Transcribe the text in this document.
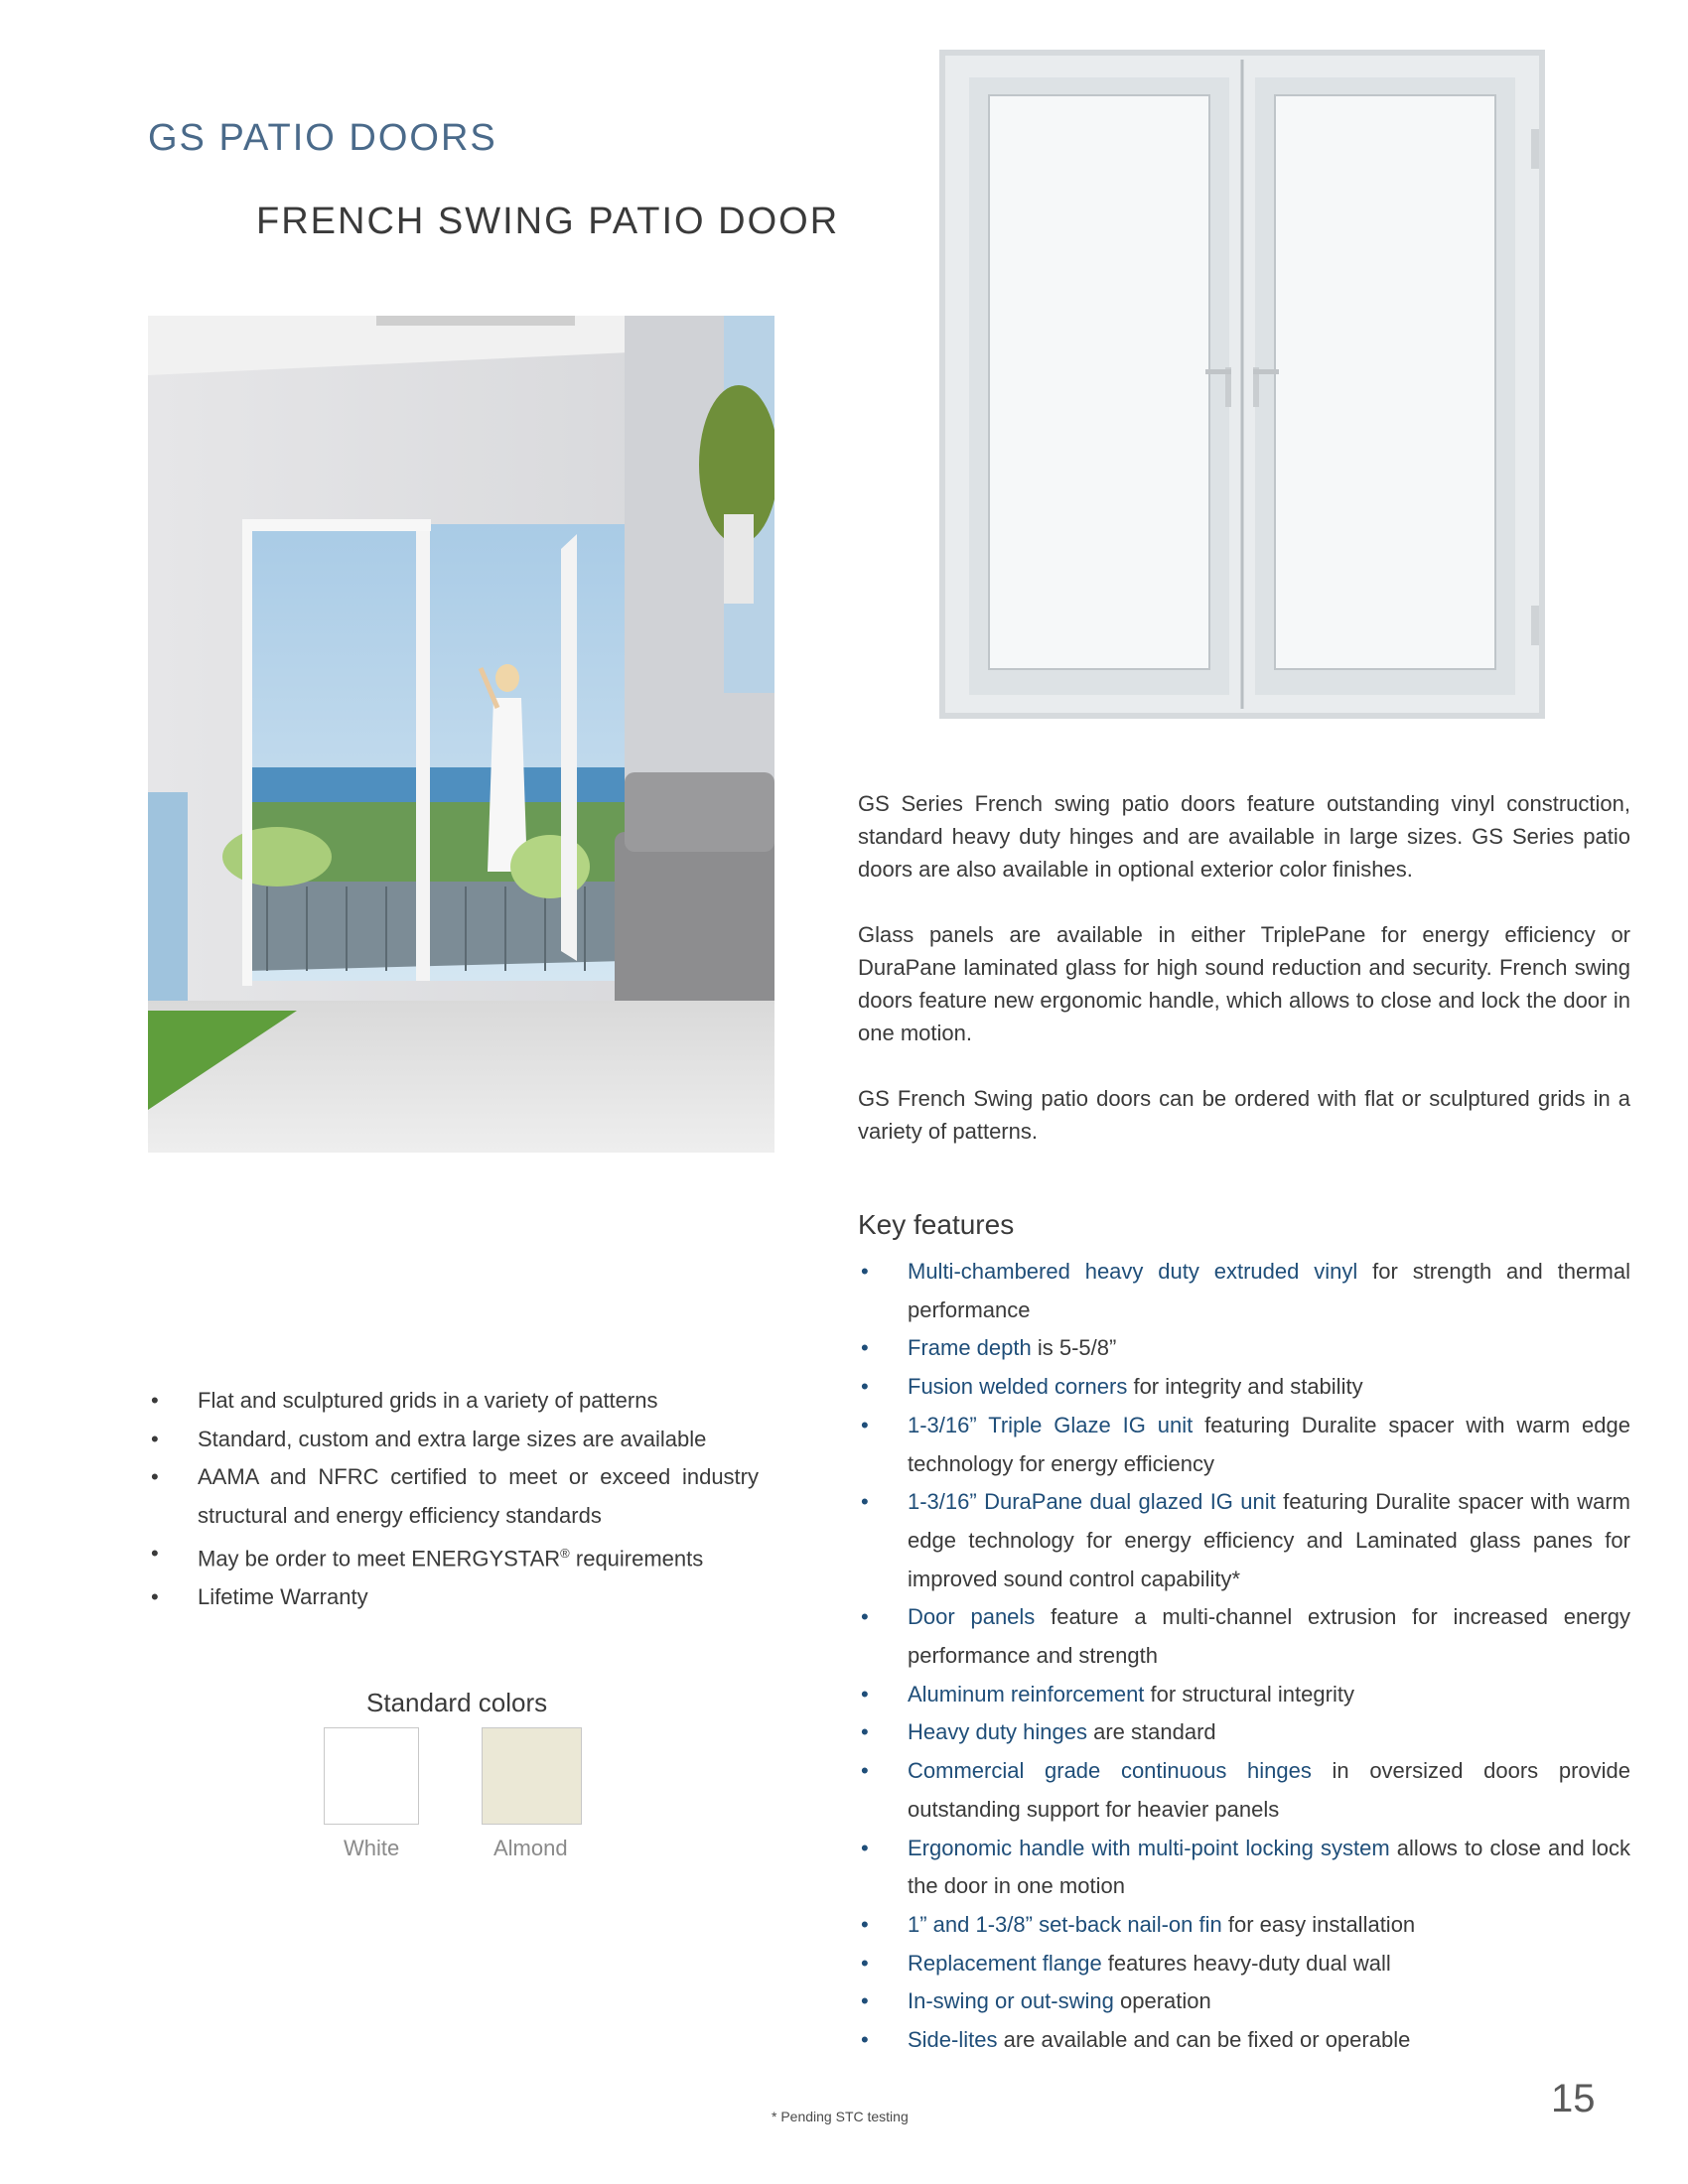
GS PATIO DOORS
FRENCH SWING PATIO DOOR

GS Series French swing patio doors feature outstanding vinyl construction, standard heavy duty hinges and are available in large sizes. GS Series patio doors are also available in optional exterior color finishes.

Glass panels are available in either TriplePane for energy efficiency or DuraPane laminated glass for high sound reduction and security. French swing doors feature new ergonomic handle, which allows to close and lock the door in one motion.

GS French Swing patio doors can be ordered with flat or sculptured grids in a variety of patterns.

Key features
• Multi-chambered heavy duty extruded vinyl for strength and thermal performance
• Frame depth is 5-5/8”
• Fusion welded corners for integrity and stability
• 1-3/16” Triple Glaze IG unit featuring Duralite spacer with warm edge technology for energy efficiency
• 1-3/16” DuraPane dual glazed IG unit featuring Duralite spacer with warm edge technology for energy efficiency and Laminated glass panes for improved sound control capability*
• Door panels feature a multi-channel extrusion for increased energy performance and strength
• Aluminum reinforcement for structural integrity
• Heavy duty hinges are standard
• Commercial grade continuous hinges in oversized doors provide outstanding support for heavier panels
• Ergonomic handle with multi-point locking system allows to close and lock the door in one motion
• 1” and 1-3/8” set-back nail-on fin for easy installation
• Replacement flange features heavy-duty dual wall
• In-swing or out-swing operation
• Side-lites are available and can be fixed or operable
• Flat and sculptured grids in a variety of patterns
• Standard, custom and extra large sizes are available
• AAMA and NFRC certified to meet or exceed industry structural and energy efficiency standards
• May be order to meet ENERGYSTAR® requirements
• Lifetime Warranty
Standard colors
White	Almond
* Pending STC testing	15
